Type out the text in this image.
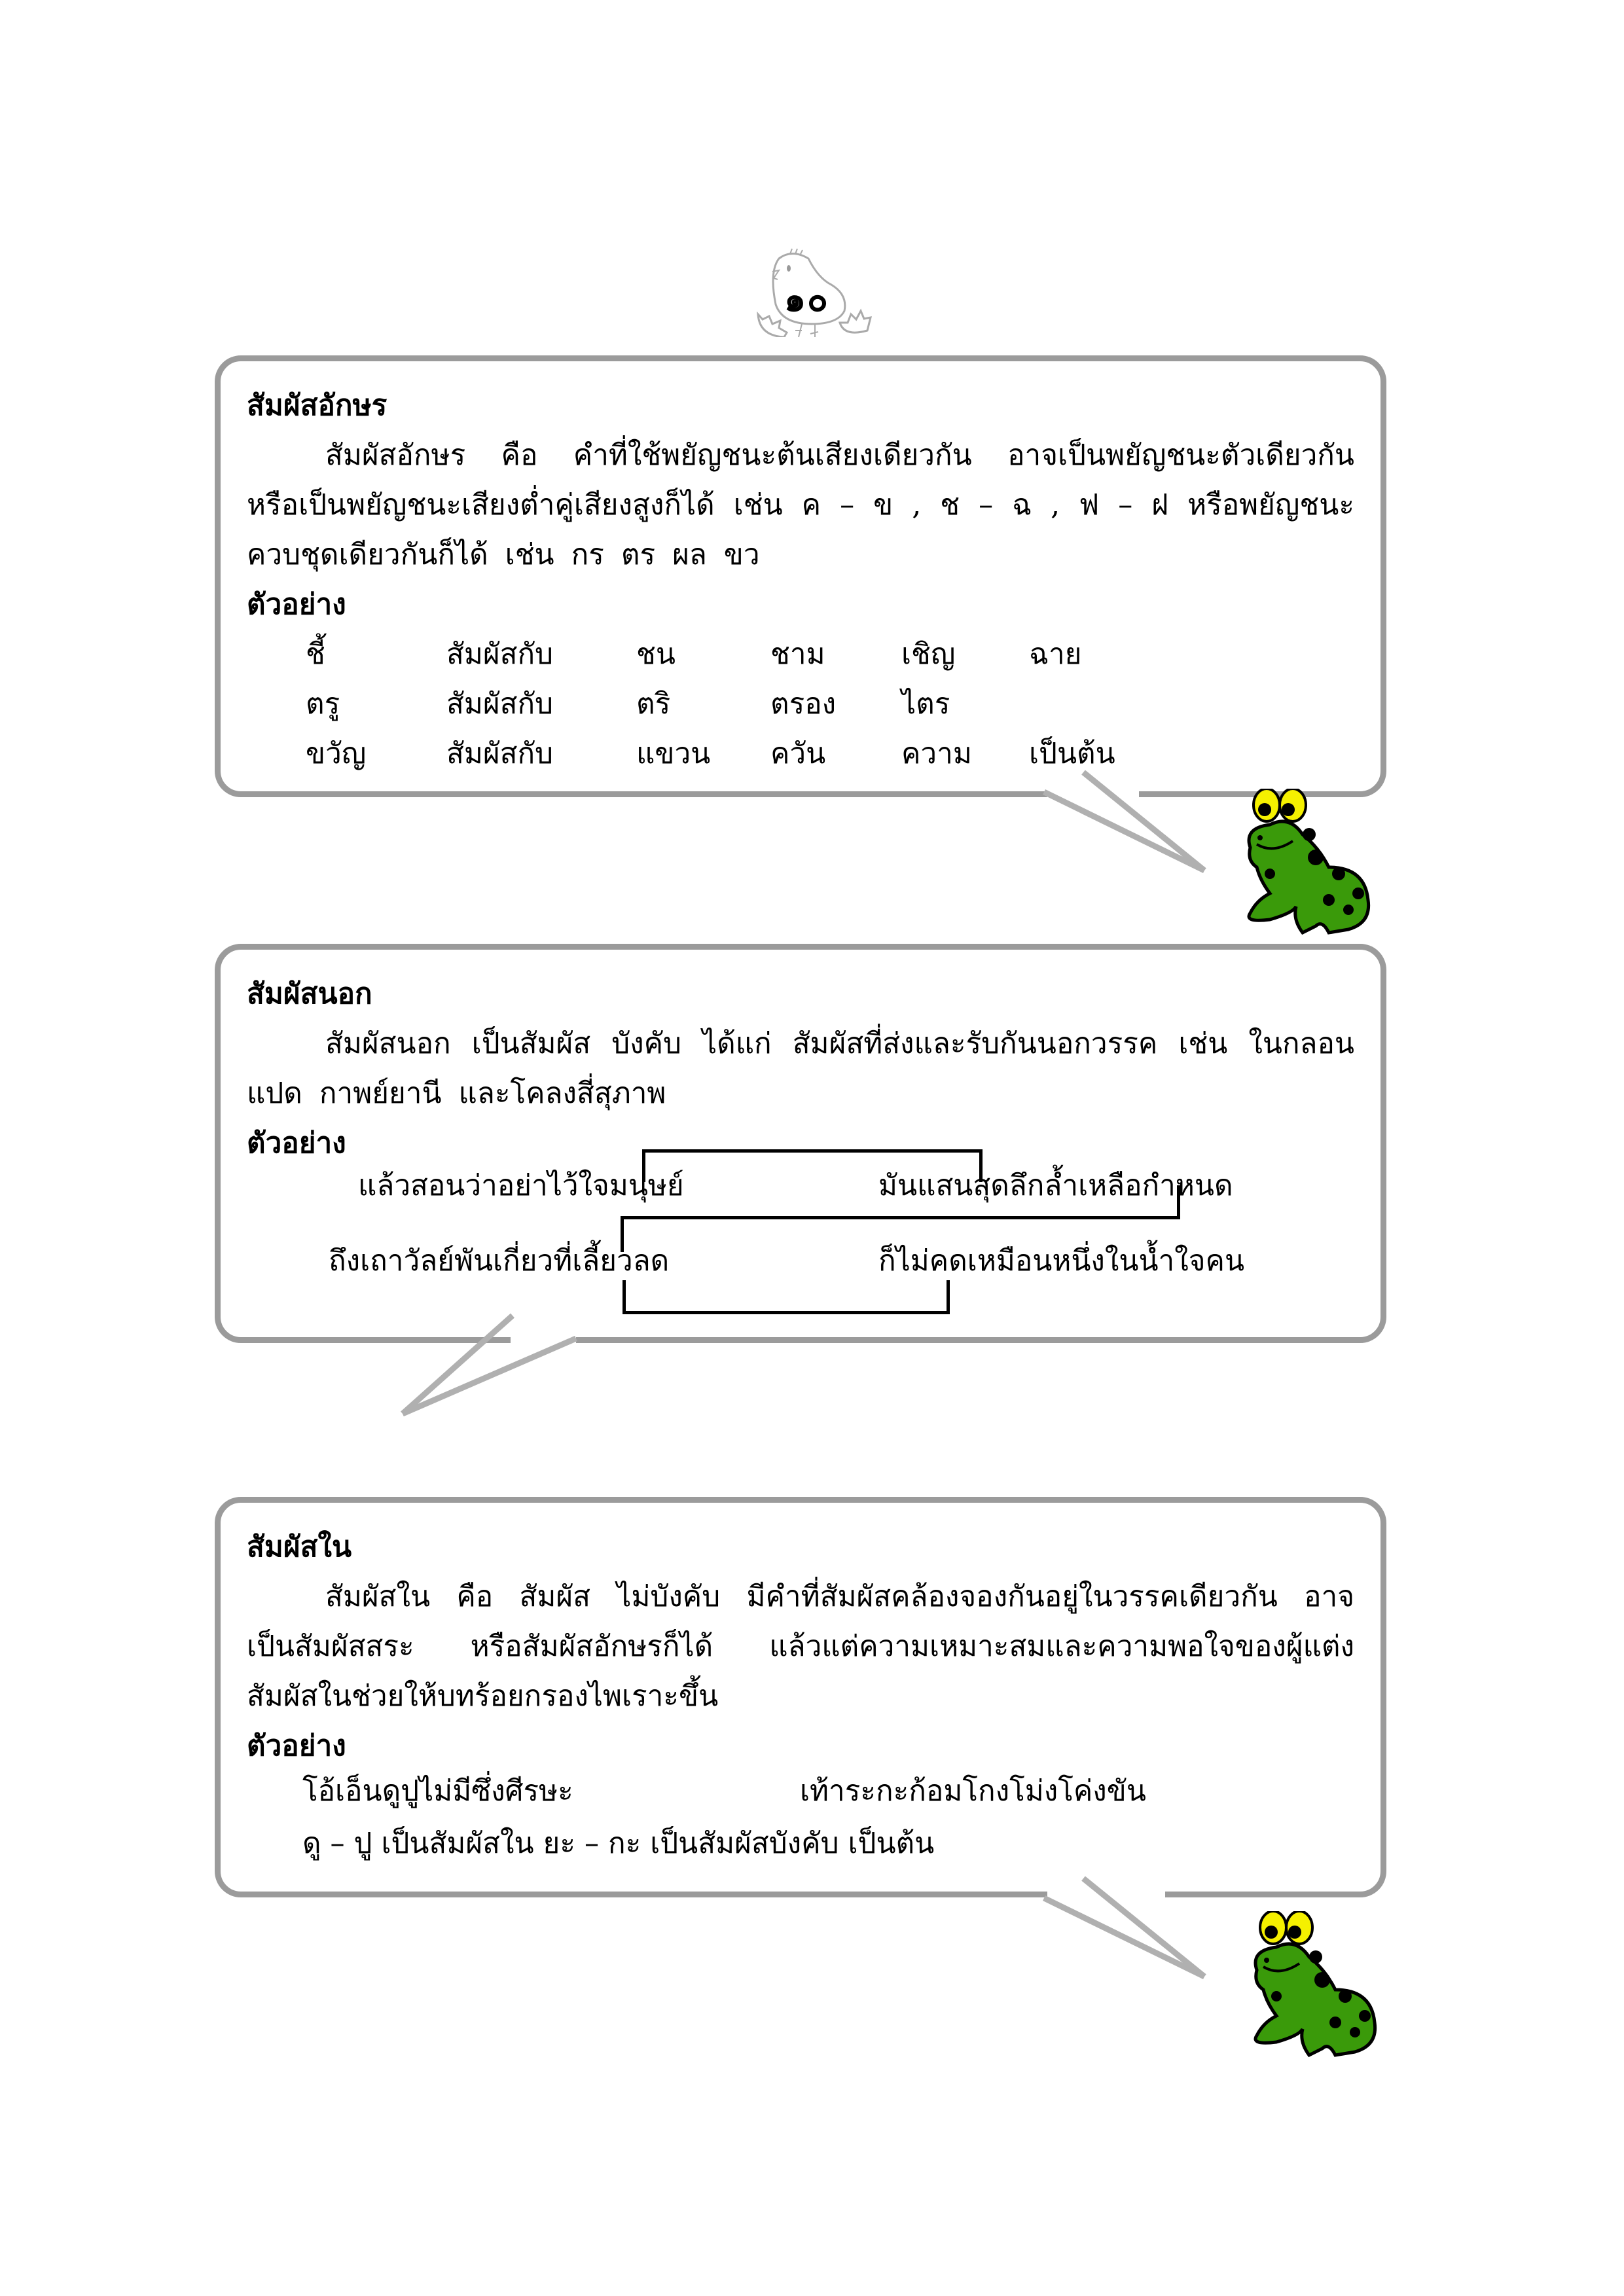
๑๐
สัมผัสอักษร
สัมผัสอักษร คือ คำที่ใช้พยัญชนะต้นเสียงเดียวกัน อาจเป็นพยัญชนะตัวเดียวกัน หรือเป็นพยัญชนะเสียงต่ำคู่เสียงสูงก็ได้ เช่น ค – ข , ช – ฉ , ฟ – ฝ หรือพยัญชนะควบชุดเดียวกันก็ได้ เช่น กร ตร ผล ขว
ตัวอย่าง
ชี้	สัมผัสกับ	ชน	ชาม	เชิญ	ฉาย
ตรู	สัมผัสกับ	ตริ	ตรอง	ไตร
ขวัญ	สัมผัสกับ	แขวน	ควัน	ความ	เป็นต้น
สัมผัสนอก
สัมผัสนอก เป็นสัมผัส บังคับ ได้แก่ สัมผัสที่ส่งและรับกันนอกวรรค เช่น ในกลอนแปด กาพย์ยานี และโคลงสี่สุภาพ
ตัวอย่าง
แล้วสอนว่าอย่าไว้ใจมนุษย์	มันแสนสุดลึกล้ำเหลือกำหนด
ถึงเถาวัลย์พันเกี่ยวที่เลี้ยวลด	ก็ไม่คดเหมือนหนึ่งในน้ำใจคน
สัมผัสใน
สัมผัสใน คือ สัมผัส ไม่บังคับ มีคำที่สัมผัสคล้องจองกันอยู่ในวรรคเดียวกัน อาจเป็นสัมผัสสระ หรือสัมผัสอักษรก็ได้ แล้วแต่ความเหมาะสมและความพอใจของผู้แต่ง สัมผัสในช่วยให้บทร้อยกรองไพเราะขึ้น
ตัวอย่าง
โอ้เอ็นดูปูไม่มีซึ่งศีรษะ	เท้าระกะก้อมโกงโม่งโค่งขัน
ดู – ปู เป็นสัมผัสใน ยะ – กะ เป็นสัมผัสบังคับ เป็นต้น
